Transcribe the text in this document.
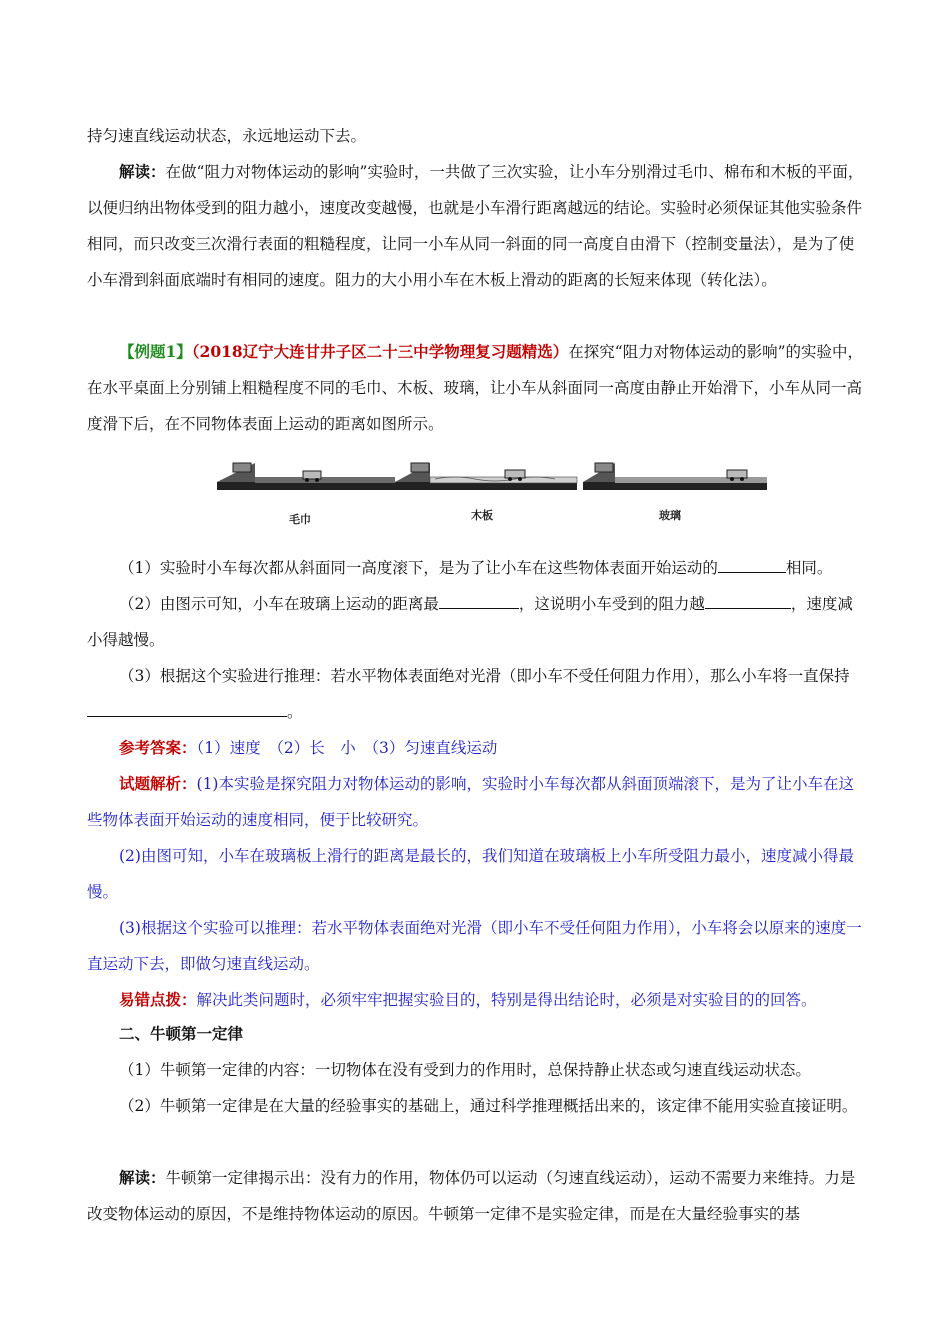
持匀速直线运动状态，永远地运动下去。

解读：在做“阻力对物体运动的影响”实验时，一共做了三次实验，让小车分别滑过毛巾、棉布和木板的平面，以便归纳出物体受到的阻力越小，速度改变越慢，也就是小车滑行距离越远的结论。实验时必须保证其他实验条件相同，而只改变三次滑行表面的粗糙程度，让同一小车从同一斜面的同一高度自由滑下（控制变量法），是为了使小车滑到斜面底端时有相同的速度。阻力的大小用小车在木板上滑动的距离的长短来体现（转化法）。

【例题1】（2018辽宁大连甘井子区二十三中学物理复习题精选）在探究“阻力对物体运动的影响”的实验中，在水平桌面上分别铺上粗糙程度不同的毛巾、木板、玻璃，让小车从斜面同一高度由静止开始滑下，小车从同一高度滑下后，在不同物体表面上运动的距离如图所示。

毛巾	木板	玻璃

（1）实验时小车每次都从斜面同一高度滚下，是为了让小车在这些物体表面开始运动的	相同。

（2）由图示可知，小车在玻璃上运动的距离最	，这说明小车受到的阻力越	，速度减小得越慢。

（3）根据这个实验进行推理：若水平物体表面绝对光滑（即小车不受任何阻力作用），那么小车将一直保持。

参考答案：（1）速度　（2）长　小　（3）匀速直线运动

试题解析：(1)本实验是探究阻力对物体运动的影响，实验时小车每次都从斜面顶端滚下，是为了让小车在这些物体表面开始运动的速度相同，便于比较研究。

(2)由图可知，小车在玻璃板上滑行的距离是最长的，我们知道在玻璃板上小车所受阻力最小，速度减小得最慢。

(3)根据这个实验可以推理：若水平物体表面绝对光滑（即小车不受任何阻力作用），小车将会以原来的速度一直运动下去，即做匀速直线运动。

易错点拨：解决此类问题时，必须牢牢把握实验目的，特别是得出结论时，必须是对实验目的的回答。

二、牛顿第一定律

（1）牛顿第一定律的内容：一切物体在没有受到力的作用时，总保持静止状态或匀速直线运动状态。

（2）牛顿第一定律是在大量的经验事实的基础上，通过科学推理概括出来的，该定律不能用实验直接证明。

解读：牛顿第一定律揭示出：没有力的作用，物体仍可以运动（匀速直线运动），运动不需要力来维持。力是改变物体运动的原因，不是维持物体运动的原因。牛顿第一定律不是实验定律，而是在大量经验事实的基
